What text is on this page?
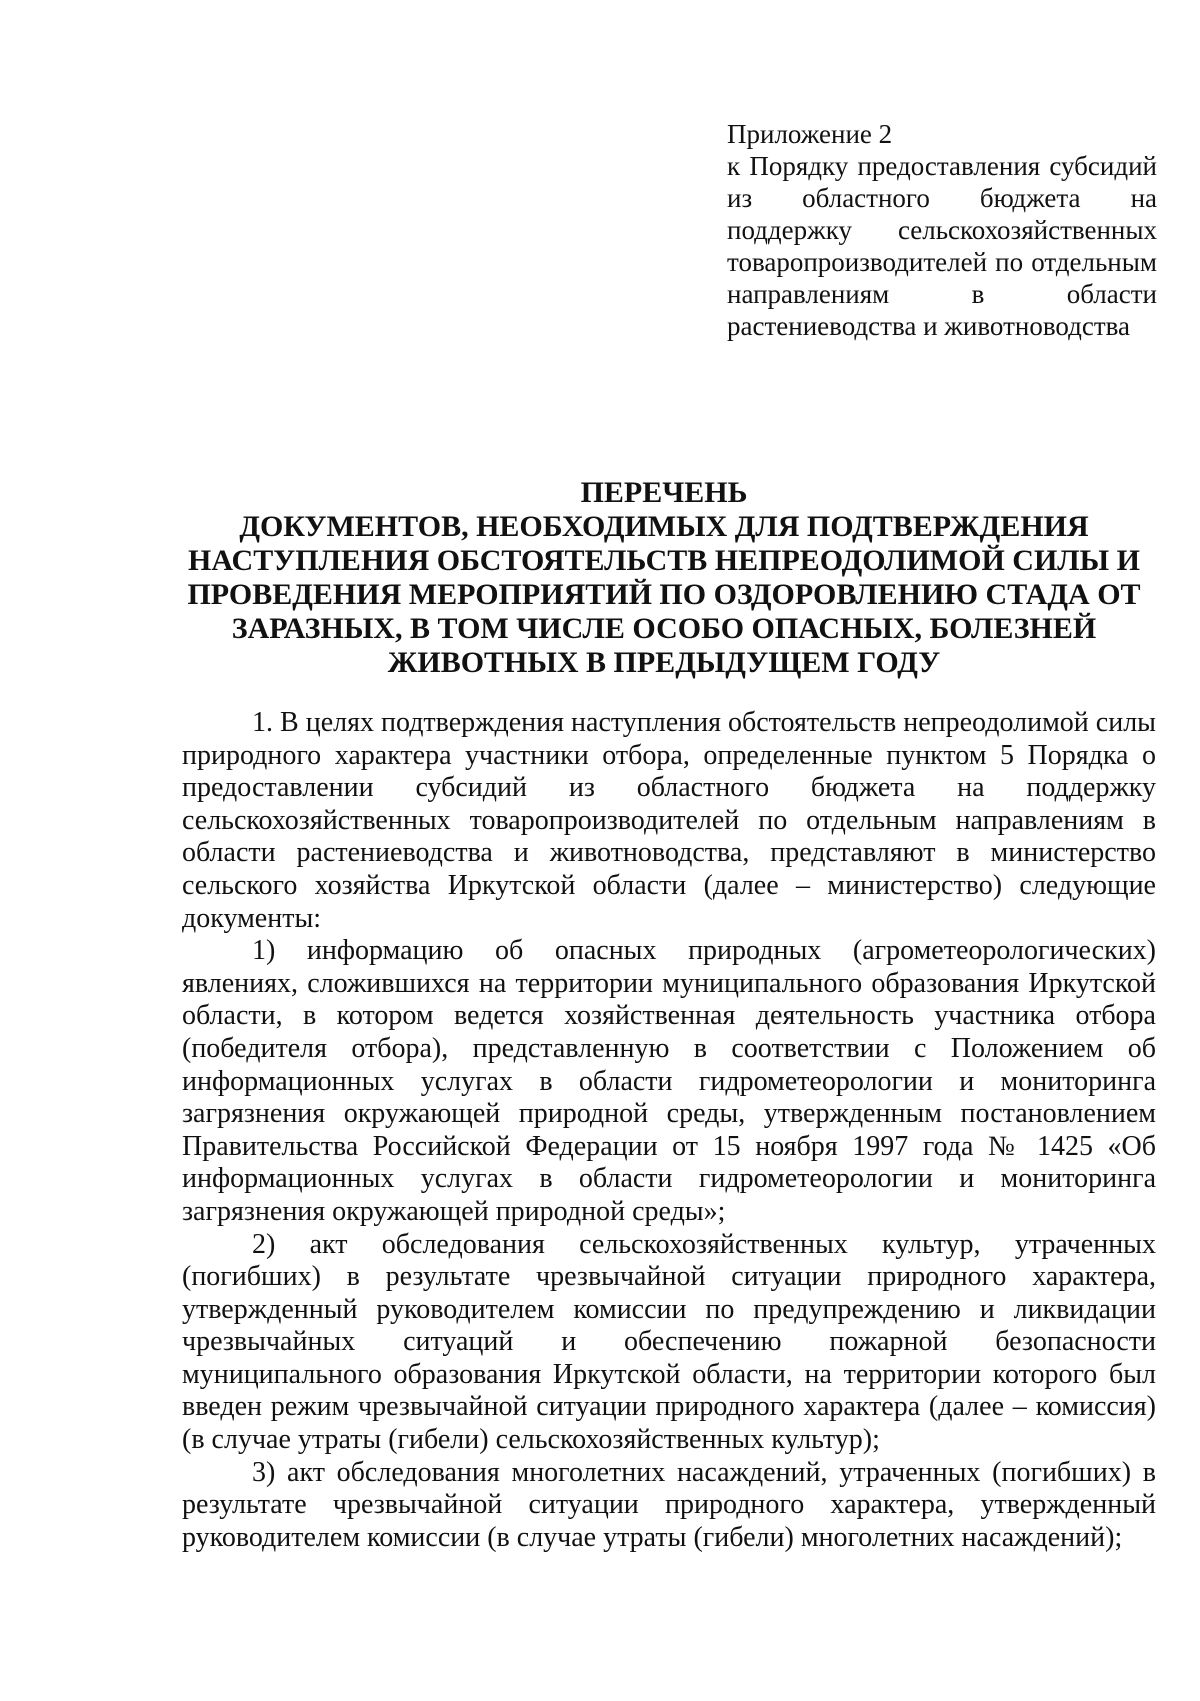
Приложение 2
к Порядку предоставления субсидий из областного бюджета на поддержку сельскохозяйственных товаропроизводителей по отдельным направлениям в области растениеводства и животноводства
ПЕРЕЧЕНЬ
ДОКУМЕНТОВ, НЕОБХОДИМЫХ ДЛЯ ПОДТВЕРЖДЕНИЯ
НАСТУПЛЕНИЯ ОБСТОЯТЕЛЬСТВ НЕПРЕОДОЛИМОЙ СИЛЫ И
ПРОВЕДЕНИЯ МЕРОПРИЯТИЙ ПО ОЗДОРОВЛЕНИЮ СТАДА ОТ
ЗАРАЗНЫХ, В ТОМ ЧИСЛЕ ОСОБО ОПАСНЫХ, БОЛЕЗНЕЙ
ЖИВОТНЫХ В ПРЕДЫДУЩЕМ ГОДУ

1. В целях подтверждения наступления обстоятельств непреодолимой силы природного характера участники отбора, определенные пунктом 5 Порядка о предоставлении субсидий из областного бюджета на поддержку сельскохозяйственных товаропроизводителей по отдельным направлениям в области растениеводства и животноводства, представляют в министерство сельского хозяйства Иркутской области (далее – министерство) следующие документы:

1) информацию об опасных природных (агрометеорологических) явлениях, сложившихся на территории муниципального образования Иркутской области, в котором ведется хозяйственная деятельность участника отбора (победителя отбора), представленную в соответствии с Положением об информационных услугах в области гидрометеорологии и мониторинга загрязнения окружающей природной среды, утвержденным постановлением Правительства Российской Федерации от 15 ноября 1997 года № 1425 «Об информационных услугах в области гидрометеорологии и мониторинга загрязнения окружающей природной среды»;

2) акт обследования сельскохозяйственных культур, утраченных (погибших) в результате чрезвычайной ситуации природного характера, утвержденный руководителем комиссии по предупреждению и ликвидации чрезвычайных ситуаций и обеспечению пожарной безопасности муниципального образования Иркутской области, на территории которого был введен режим чрезвычайной ситуации природного характера (далее – комиссия) (в случае утраты (гибели) сельскохозяйственных культур);

3) акт обследования многолетних насаждений, утраченных (погибших) в результате чрезвычайной ситуации природного характера, утвержденный руководителем комиссии (в случае утраты (гибели) многолетних насаждений);
